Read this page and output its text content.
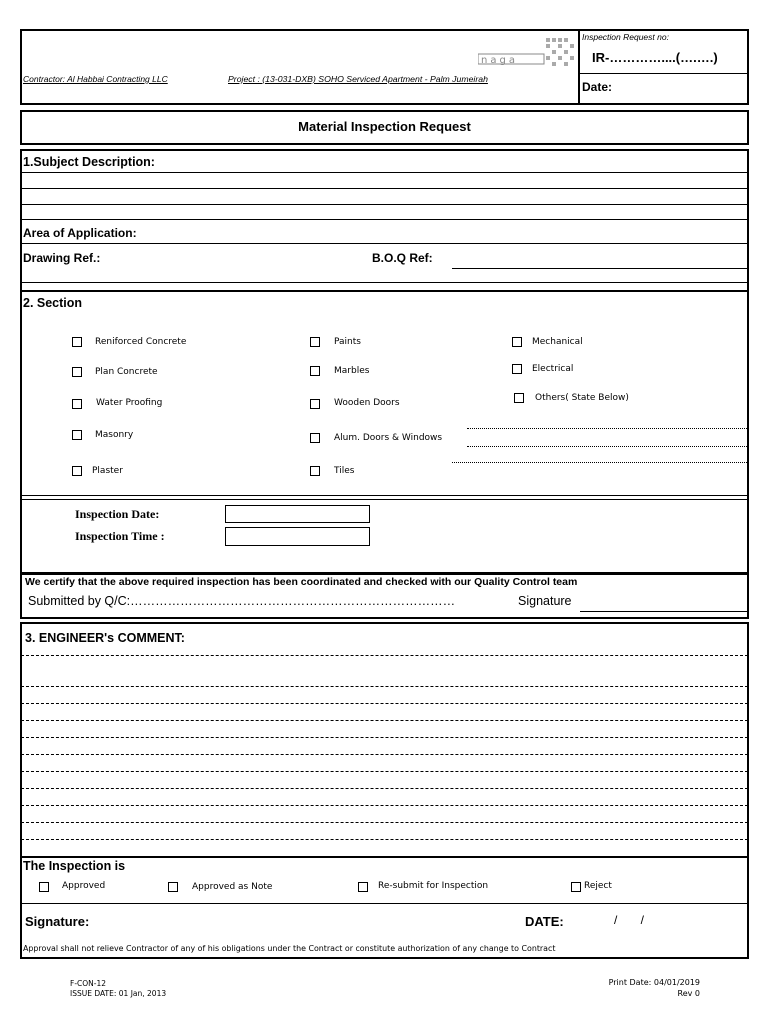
naga
Contractor: Al Habbai Contracting LLC	Project : (13-031-DXB) SOHO Serviced Apartment - Palm Jumeirah
Inspection Request no:
IR-…………....(….….)
Date:
Material Inspection Request
1.Subject Description:
Area of Application:
Drawing Ref.:	B.O.Q Ref:
2. Section
Reniforced Concrete
Plan Concrete
Water Proofing
Masonry
Plaster
Paints
Marbles
Wooden Doors
Alum. Doors & Windows
Tiles
Mechanical
Electrical
Others( State Below)
Inspection Date:
Inspection Time :
We certify that the above required inspection has been coordinated and checked with our Quality Control team
Submitted by Q/C:……………………………………………………………………	Signature
3. ENGINEER's COMMENT:
The Inspection is
Approved	Approved as Note	Re-submit for Inspection	Reject
Signature:	DATE:	/       /
Approval shall not relieve Contractor of any of his obligations under the Contract or constitute authorization of any change to Contract
F-CON-12
ISSUE DATE: 01 Jan, 2013
Print Date: 04/01/2019
Rev 0
